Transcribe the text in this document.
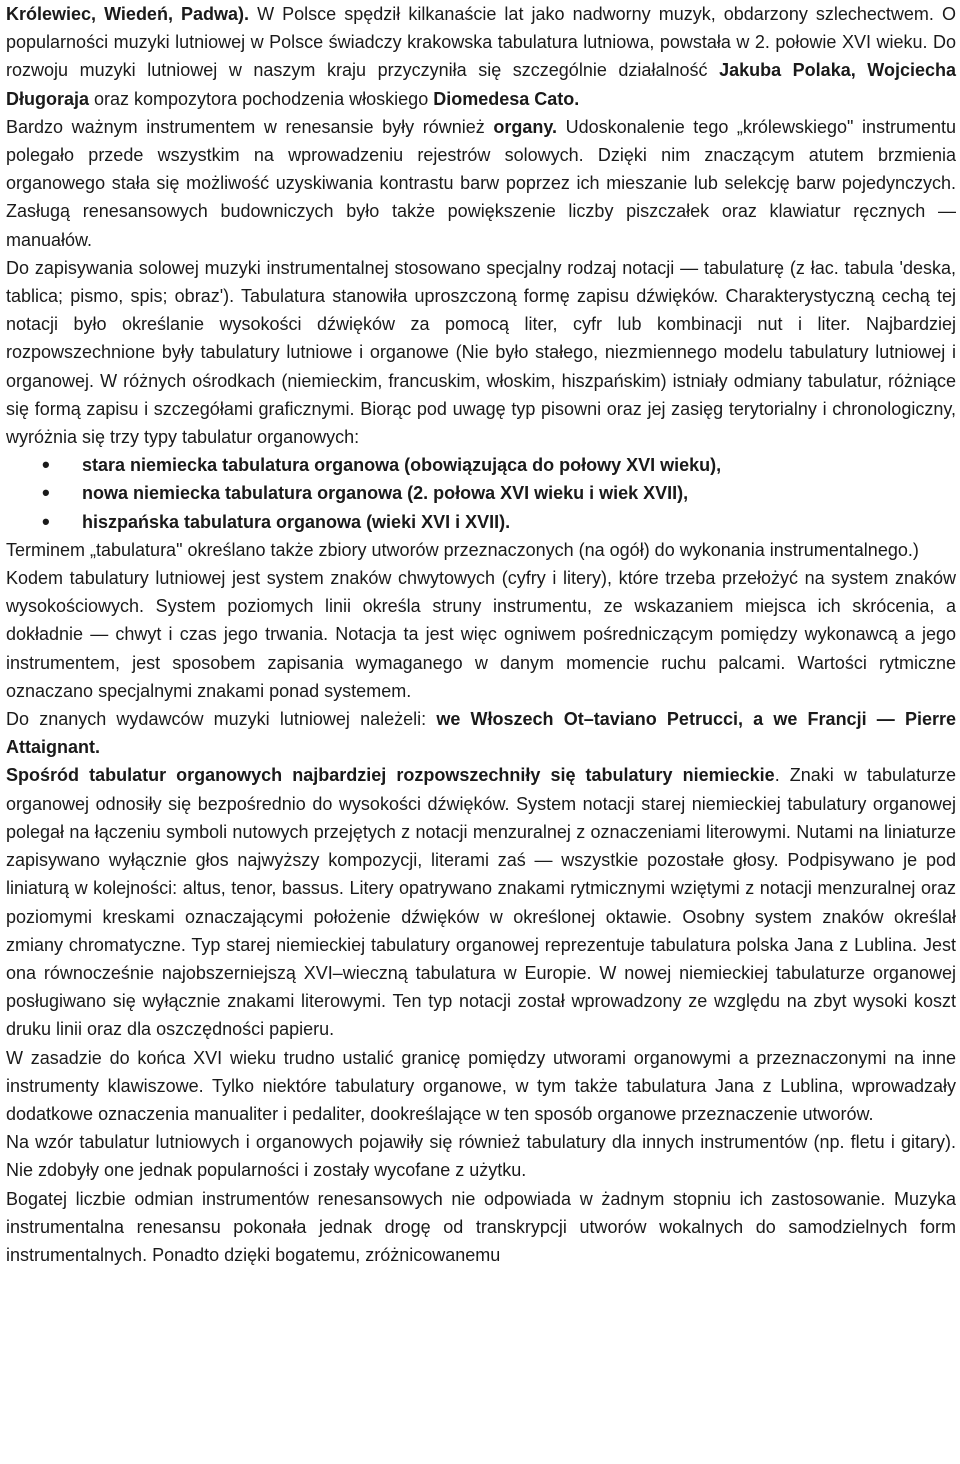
Królewiec, Wiedeń, Padwa). W Polsce spędził kilkanaście lat jako nadworny muzyk, obdarzony szlechectwem. O popularności muzyki lutniowej w Polsce świadczy krakowska tabulatura lutniowa, powstała w 2. połowie XVI wieku. Do rozwoju muzyki lutniowej w naszym kraju przyczyniła się szczególnie działalność Jakuba Polaka, Wojciecha Długoraja oraz kompozytora pochodzenia włoskiego Diomedesa Cato.

Bardzo ważnym instrumentem w renesansie były również organy. Udoskonalenie tego „królewskiego" instrumentu polegało przede wszystkim na wprowadzeniu rejestrów solowych. Dzięki nim znaczącym atutem brzmienia organowego stała się możliwość uzyskiwania kontrastu barw poprzez ich mieszanie lub selekcję barw pojedynczych. Zasługą renesansowych budowniczych było także powiększenie liczby piszczałek oraz klawiatur ręcznych — manuałów.

Do zapisywania solowej muzyki instrumentalnej stosowano specjalny rodzaj notacji — tabulaturę (z łac. tabula 'deska, tablica; pismo, spis; obraz'). Tabulatura stanowiła uproszczoną formę zapisu dźwięków. Charakterystyczną cechą tej notacji było określanie wysokości dźwięków za pomocą liter, cyfr lub kombinacji nut i liter. Najbardziej rozpowszechnione były tabulatury lutniowe i organowe (Nie było stałego, niezmiennego modelu tabulatury lutniowej i organowej. W różnych ośrodkach (niemieckim, francuskim, włoskim, hiszpańskim) istniały odmiany tabulatur, różniące się formą zapisu i szczegółami graficznymi. Biorąc pod uwagę typ pisowni oraz jej zasięg terytorialny i chronologiczny, wyróżnia się trzy typy tabulatur organowych:

• stara niemiecka tabulatura organowa (obowiązująca do połowy XVI wieku),
• nowa niemiecka tabulatura organowa (2. połowa XVI wieku i wiek XVII),
• hiszpańska tabulatura organowa (wieki XVI i XVII).

Terminem „tabulatura" określano także zbiory utworów przeznaczonych (na ogół) do wykonania instrumentalnego.)

Kodem tabulatury lutniowej jest system znaków chwytowych (cyfry i litery), które trzeba przełożyć na system znaków wysokościowych. System poziomych linii określa struny instrumentu, ze wskazaniem miejsca ich skrócenia, a dokładnie — chwyt i czas jego trwania. Notacja ta jest więc ogniwem pośredniczącym pomiędzy wykonawcą a jego instrumentem, jest sposobem zapisania wymaganego w danym momencie ruchu palcami. Wartości rytmiczne oznaczano specjalnymi znakami ponad systemem.

Do znanych wydawców muzyki lutniowej należeli: we Włoszech Ot–taviano Petrucci, a we Francji — Pierre Attaignant.

Spośród tabulatur organowych najbardziej rozpowszechniły się tabulatury niemieckie. Znaki w tabulaturze organowej odnosiły się bezpośrednio do wysokości dźwięków. System notacji starej niemieckiej tabulatury organowej polegał na łączeniu symboli nutowych przejętych z notacji menzuralnej z oznaczeniami literowymi. Nutami na liniaturze zapisywano wyłącznie głos najwyższy kompozycji, literami zaś — wszystkie pozostałe głosy. Podpisywano je pod liniaturą w kolejności: altus, tenor, bassus. Litery opatrywano znakami rytmicznymi wziętymi z notacji menzuralnej oraz poziomymi kreskami oznaczającymi położenie dźwięków w określonej oktawie. Osobny system znaków określał zmiany chromatyczne. Typ starej niemieckiej tabulatury organowej reprezentuje tabulatura polska Jana z Lublina. Jest ona równocześnie najobszerniejszą XVI–wieczną tabulatura w Europie. W nowej niemieckiej tabulaturze organowej posługiwano się wyłącznie znakami literowymi. Ten typ notacji został wprowadzony ze względu na zbyt wysoki koszt druku linii oraz dla oszczędności papieru.

W zasadzie do końca XVI wieku trudno ustalić granicę pomiędzy utworami organowymi a przeznaczonymi na inne instrumenty klawiszowe. Tylko niektóre tabulatury organowe, w tym także tabulatura Jana z Lublina, wprowadzały dodatkowe oznaczenia manualiter i pedaliter, dookreślające w ten sposób organowe przeznaczenie utworów.

Na wzór tabulatur lutniowych i organowych pojawiły się również tabulatury dla innych instrumentów (np. fletu i gitary). Nie zdobyły one jednak popularności i zostały wycofane z użytku.

Bogatej liczbie odmian instrumentów renesansowych nie odpowiada w żadnym stopniu ich zastosowanie. Muzyka instrumentalna renesansu pokonała jednak drogę od transkrypcji utworów wokalnych do samodzielnych form instrumentalnych. Ponadto dzięki bogatemu, zróżnicowanemu
